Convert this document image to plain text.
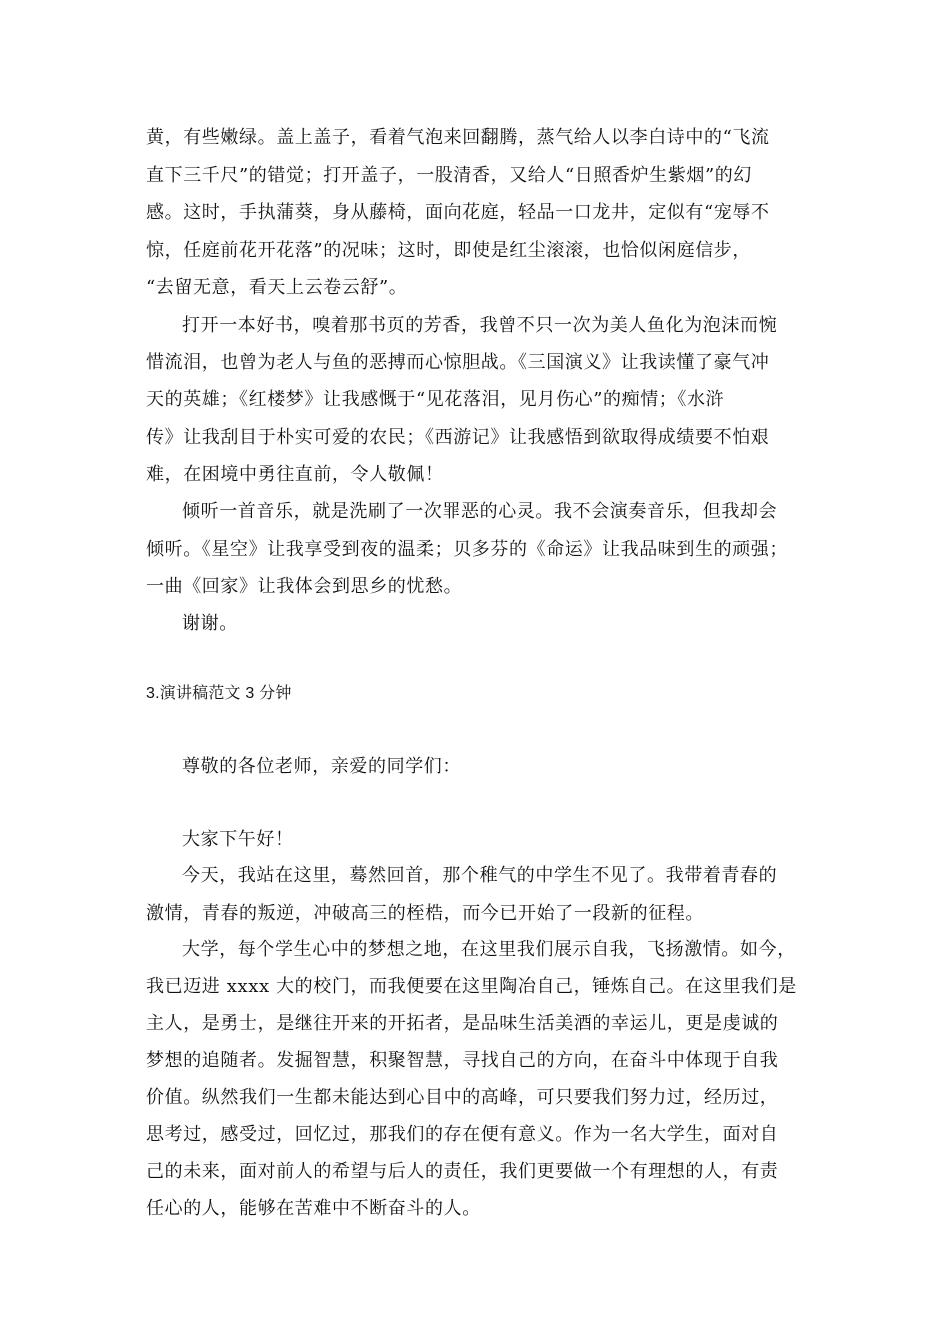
黄，有些嫩绿。盖上盖子，看着气泡来回翻腾，蒸气给人以李白诗中的“飞流
直下三千尺”的错觉；打开盖子，一股清香，又给人“日照香炉生紫烟”的幻
感。这时，手执蒲葵，身从藤椅，面向花庭，轻品一口龙井，定似有“宠辱不
惊，任庭前花开花落”的况味；这时，即使是红尘滚滚，也恰似闲庭信步，
“去留无意，看天上云卷云舒”。
打开一本好书，嗅着那书页的芳香，我曾不只一次为美人鱼化为泡沫而惋
惜流泪，也曾为老人与鱼的恶搏而心惊胆战。《三国演义》让我读懂了豪气冲
天的英雄；《红楼梦》让我感慨于“见花落泪，见月伤心”的痴情；《水浒
传》让我刮目于朴实可爱的农民；《西游记》让我感悟到欲取得成绩要不怕艰
难，在困境中勇往直前，令人敬佩！
倾听一首音乐，就是洗刷了一次罪恶的心灵。我不会演奏音乐，但我却会
倾听。《星空》让我享受到夜的温柔；贝多芬的《命运》让我品味到生的顽强；
一曲《回家》让我体会到思乡的忧愁。
谢谢。
3.演讲稿范文 3 分钟
尊敬的各位老师，亲爱的同学们：
大家下午好！
今天，我站在这里，蓦然回首，那个稚气的中学生不见了。我带着青春的
激情，青春的叛逆，冲破高三的桎梏，而今已开始了一段新的征程。
大学，每个学生心中的梦想之地，在这里我们展示自我，飞扬激情。如今，
我已迈进 xxxx 大的校门，而我便要在这里陶冶自己，锤炼自己。在这里我们是
主人，是勇士，是继往开来的开拓者，是品味生活美酒的幸运儿，更是虔诚的
梦想的追随者。发掘智慧，积聚智慧，寻找自己的方向，在奋斗中体现于自我
价值。纵然我们一生都未能达到心目中的高峰，可只要我们努力过，经历过，
思考过，感受过，回忆过，那我们的存在便有意义。作为一名大学生，面对自
己的未来，面对前人的希望与后人的责任，我们更要做一个有理想的人，有责
任心的人，能够在苦难中不断奋斗的人。
